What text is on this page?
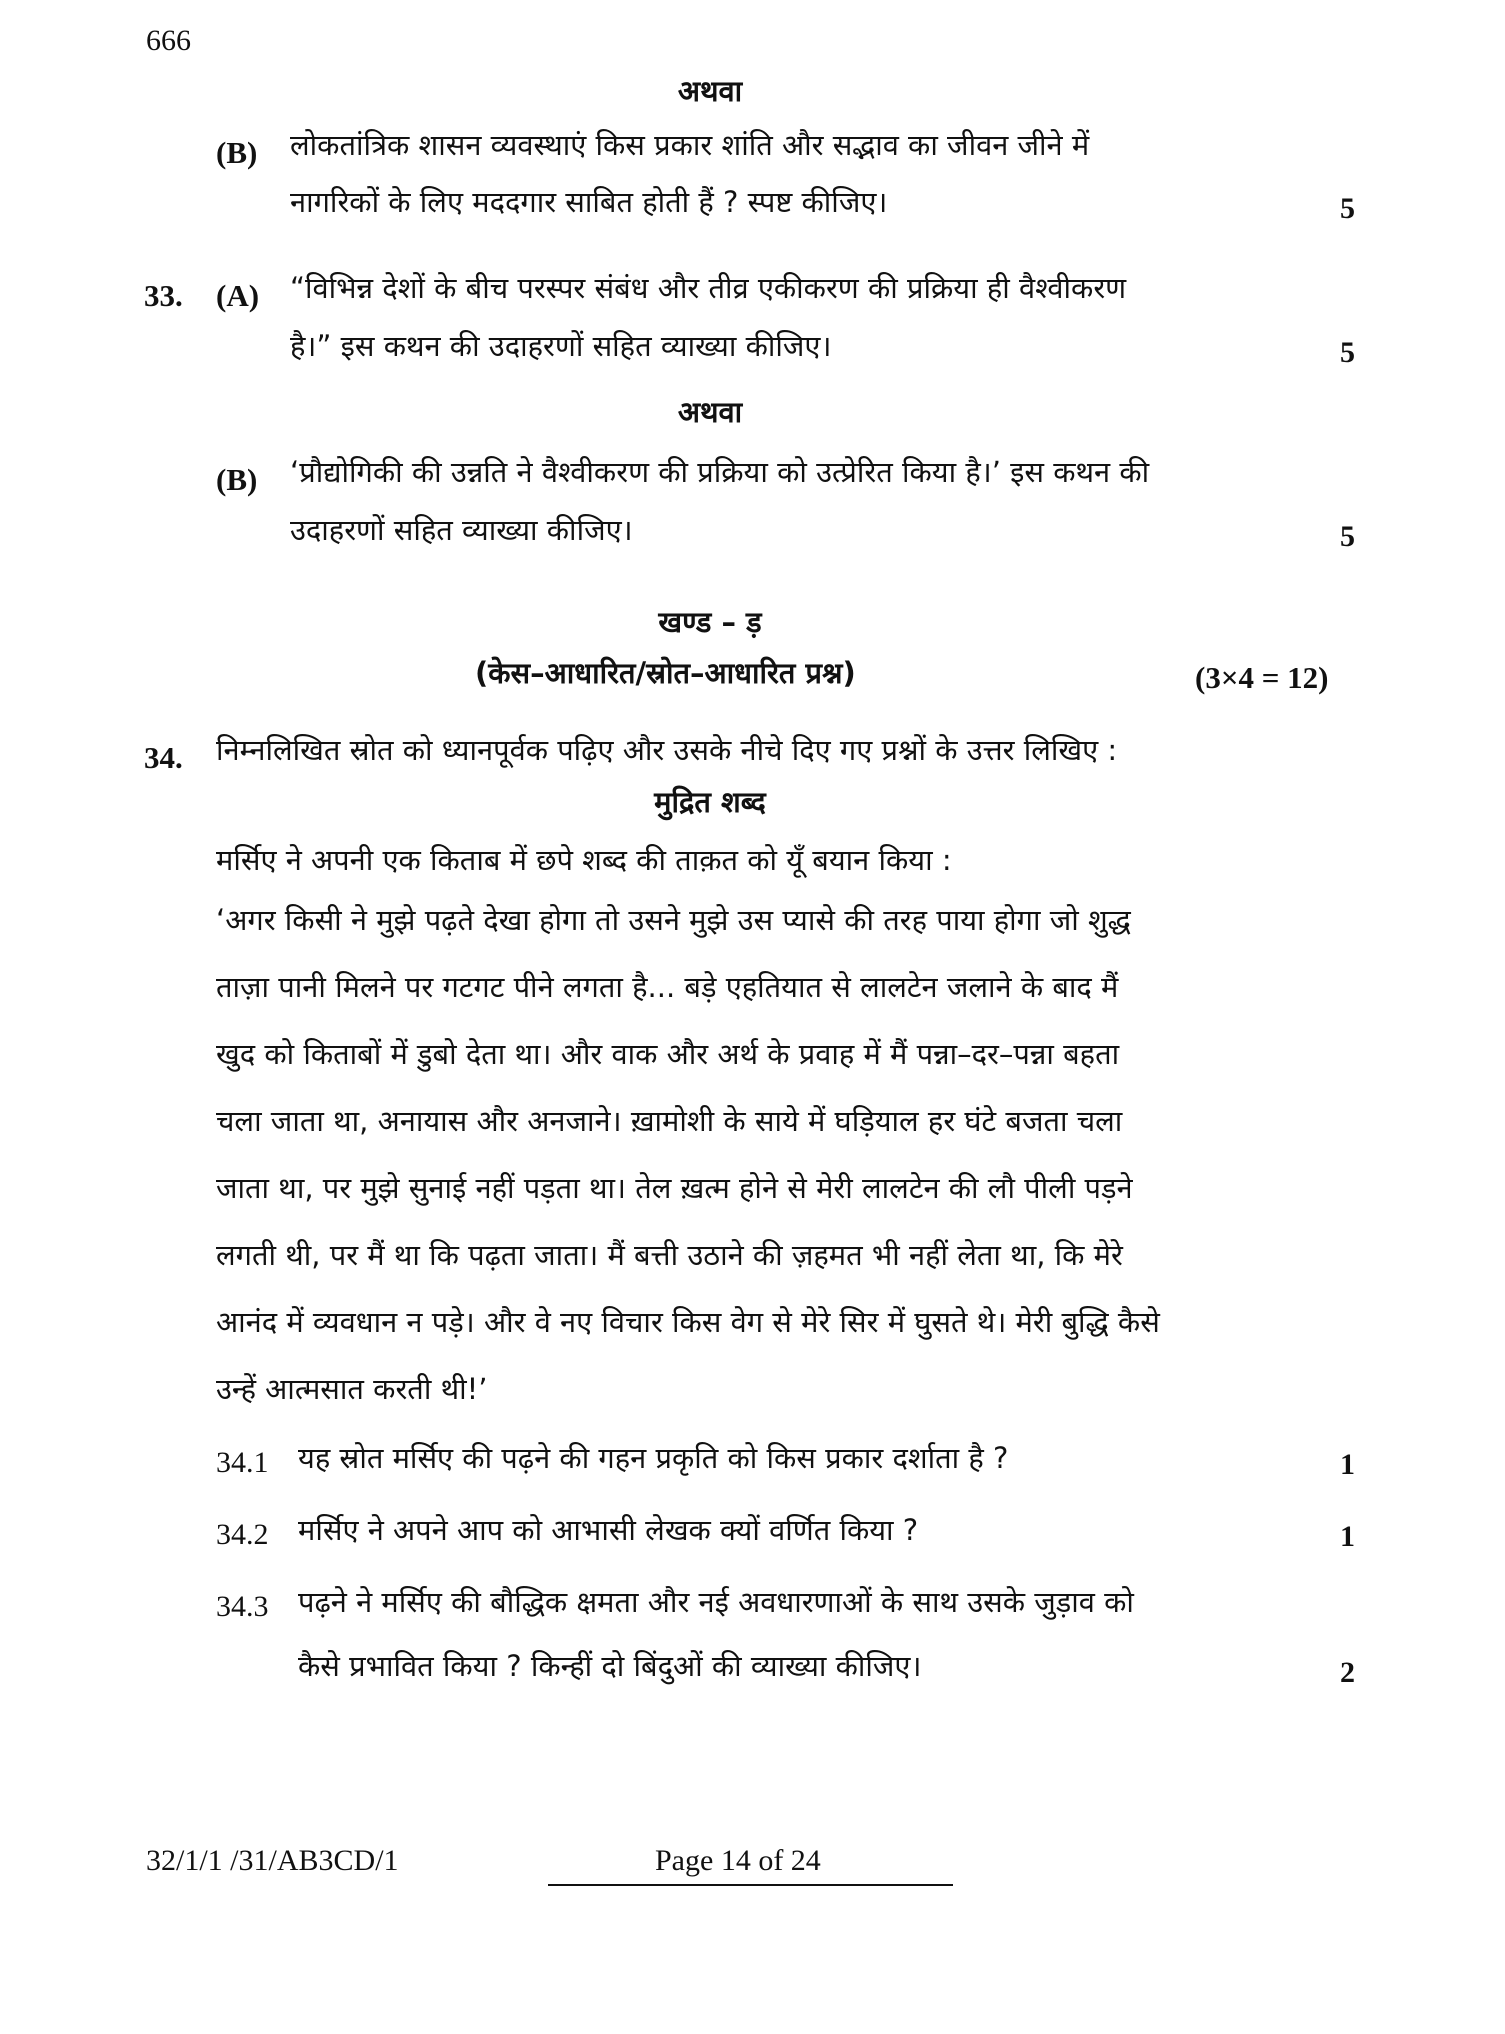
666
अथवा
(B) लोकतांत्रिक शासन व्यवस्थाएं किस प्रकार शांति और सद्भाव का जीवन जीने में
नागरिकों के लिए मददगार साबित होती हैं ? स्पष्ट कीजिए।	5
33. (A) “विभिन्न देशों के बीच परस्पर संबंध और तीव्र एकीकरण की प्रक्रिया ही वैश्वीकरण
है।” इस कथन की उदाहरणों सहित व्याख्या कीजिए।	5
अथवा
(B) ‘प्रौद्योगिकी की उन्नति ने वैश्वीकरण की प्रक्रिया को उत्प्रेरित किया है।’ इस कथन की
उदाहरणों सहित व्याख्या कीजिए।	5
खण्ड – ड़
(केस–आधारित/स्रोत–आधारित प्रश्न)	(3×4 = 12)
34. निम्नलिखित स्रोत को ध्यानपूर्वक पढ़िए और उसके नीचे दिए गए प्रश्नों के उत्तर लिखिए :
मुद्रित शब्द
मर्सिए ने अपनी एक किताब में छपे शब्द की ताक़त को यूँ बयान किया :
‘अगर किसी ने मुझे पढ़ते देखा होगा तो उसने मुझे उस प्यासे की तरह पाया होगा जो शुद्ध
ताज़ा पानी मिलने पर गटगट पीने लगता है... बड़े एहतियात से लालटेन जलाने के बाद मैं
खुद को किताबों में डुबो देता था। और वाक और अर्थ के प्रवाह में मैं पन्ना–दर–पन्ना बहता
चला जाता था, अनायास और अनजाने। ख़ामोशी के साये में घड़ियाल हर घंटे बजता चला
जाता था, पर मुझे सुनाई नहीं पड़ता था। तेल ख़त्म होने से मेरी लालटेन की लौ पीली पड़ने
लगती थी, पर मैं था कि पढ़ता जाता। मैं बत्ती उठाने की ज़हमत भी नहीं लेता था, कि मेरे
आनंद में व्यवधान न पड़े। और वे नए विचार किस वेग से मेरे सिर में घुसते थे। मेरी बुद्धि कैसे
उन्हें आत्मसात करती थी!’
34.1 यह स्रोत मर्सिए की पढ़ने की गहन प्रकृति को किस प्रकार दर्शाता है ?	1
34.2 मर्सिए ने अपने आप को आभासी लेखक क्यों वर्णित किया ?	1
34.3 पढ़ने ने मर्सिए की बौद्धिक क्षमता और नई अवधारणाओं के साथ उसके जुड़ाव को
कैसे प्रभावित किया ? किन्हीं दो बिंदुओं की व्याख्या कीजिए।	2
32/1/1 /31/AB3CD/1	Page 14 of 24
